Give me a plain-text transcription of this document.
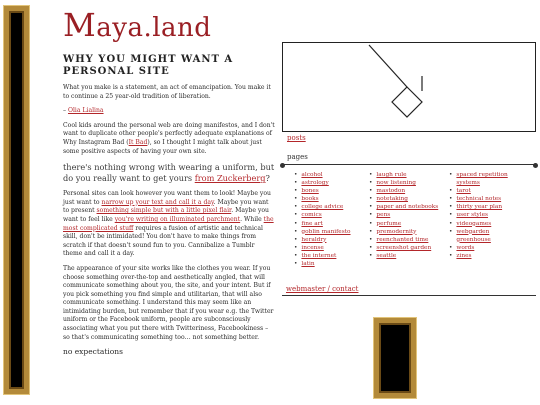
Maya.land
WHY YOU MIGHT WANT A PERSONAL SITE

What you make is a statement, an act of emancipation. You make it to continue a 25 year-old tradition of liberation.

– Olia Lialina

Cool kids around the personal web are doing manifestos, and I don't want to duplicate other people's perfectly adequate explanations of Why Instagram Bad (It Bad), so I thought I might talk about just some positive aspects of having your own site.

there's nothing wrong with wearing a uniform, but do you really want to get yours from Zuckerberg?

Personal sites can look however you want them to look! Maybe you just want to narrow up your text and call it a day. Maybe you want to present something simple but with a little pixel flair. Maybe you want to feel like you're writing on illuminated parchment. While the most complicated stuff requires a fusion of artistic and technical skill, don't be intimidated! You don't have to make things from scratch if that doesn't sound fun to you. Cannibalize a Tumblr theme and call it a day.

The appearance of your site works like the clothes you wear. If you choose something over-the-top and aesthetically angled, that will communicate something about you, the site, and your intent. But if you pick something you find simple and utilitarian, that will also communicate something. I understand this may seem like an intimidating burden, but remember that if you wear e.g. the Twitter uniform or the Facebook uniform, people are subconsciously associating what you put there with Twitteriness, Facebookiness – so that's communicating something too… not something better.

no expectations
posts
pages
• alcohol
• astrology
• bones
• books
• college advice
• comics
• fine art
• goblin manifesto
• heraldry
• incense
• the internet
• latin
• laugh rule
• now listening
• mastodon
• notetaking
• paper and notebooks
• pens
• perfume
• premodernity
• reenchanted time
• screenshot garden
• seattle
• spaced repetition systems
• tarot
• technical notes
• thirty year plan
• user styles
• videogames
• webgarden greenhouse
• words
• zines
webmaster / contact
